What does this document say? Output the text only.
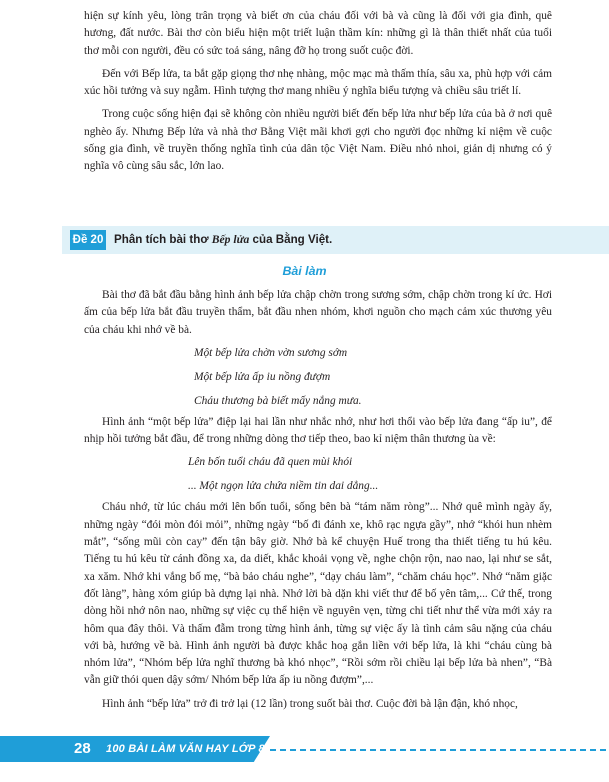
hiện sự kính yêu, lòng trân trọng và biết ơn của cháu đối với bà và cũng là đối với gia đình, quê hương, đất nước. Bài thơ còn biểu hiện một triết luận thầm kín: những gì là thân thiết nhất của tuổi thơ mỗi con người, đều có sức toả sáng, nâng đỡ họ trong suốt cuộc đời.

Đến với Bếp lửa, ta bắt gặp giọng thơ nhẹ nhàng, mộc mạc mà thấm thía, sâu xa, phù hợp với cảm xúc hồi tưởng và suy ngẫm. Hình tượng thơ mang nhiều ý nghĩa biểu tượng và chiều sâu triết lí.

Trong cuộc sống hiện đại sẽ không còn nhiều người biết đến bếp lửa như bếp lửa của bà ở nơi quê nghèo ấy. Nhưng Bếp lửa và nhà thơ Bằng Việt mãi khơi gợi cho người đọc những kỉ niệm về cuộc sống gia đình, về truyền thống nghĩa tình của dân tộc Việt Nam. Điều nhỏ nhoi, giản dị nhưng có ý nghĩa vô cùng sâu sắc, lớn lao.

Đề 20 Phân tích bài thơ Bếp lửa của Bằng Việt.
Bài làm

Bài thơ đã bắt đầu bằng hình ảnh bếp lửa chập chờn trong sương sớm, chập chờn trong kí ức. Hơi ấm của bếp lửa bắt đầu truyền thẩm, bắt đầu nhen nhóm, khơi nguồn cho mạch cảm xúc thương yêu của cháu khi nhớ về bà.

Một bếp lửa chờn vờn sương sớm

Một bếp lửa ấp iu nồng đượm

Cháu thương bà biết mấy nắng mưa.

Hình ảnh “một bếp lửa” điệp lại hai lần như nhắc nhớ, như hơi thổi vào bếp lửa đang “ấp iu”, để nhịp hồi tưởng bắt đầu, để trong những dòng thơ tiếp theo, bao kỉ niệm thân thương ùa về:

Lên bốn tuổi cháu đã quen mùi khói

... Một ngọn lửa chứa niềm tin dai dẳng...

Cháu nhớ, từ lúc cháu mới lên bốn tuổi, sống bên bà “tám năm ròng”... Nhớ quê mình ngày ấy, những ngày “đói mòn đói mỏi”, những ngày “bố đi đánh xe, khô rạc ngựa gầy”, nhớ “khói hun nhèm mắt”, “sống mũi còn cay” đến tận bây giờ. Nhớ bà kể chuyện Huế trong tha thiết tiếng tu hú kêu. Tiếng tu hú kêu từ cánh đồng xa, da diết, khắc khoải vọng về, nghe chộn rộn, nao nao, lại như se sắt, xa xăm. Nhớ khi vắng bố mẹ, “bà bảo cháu nghe”, “dạy cháu làm”, “chăm cháu học”. Nhớ “năm giặc đốt làng”, hàng xóm giúp bà dựng lại nhà. Nhớ lời bà dặn khi viết thư để bố yên tâm,... Cứ thế, trong dòng hồi nhớ nôn nao, những sự việc cụ thể hiện về nguyên vẹn, từng chi tiết như thể vừa mới xảy ra hôm qua đây thôi. Và thấm đẫm trong từng hình ảnh, từng sự việc ấy là tình cảm sâu nặng của cháu với bà, hướng về bà. Hình ảnh người bà được khắc hoạ gắn liền với bếp lửa, là khi “cháu cùng bà nhóm lửa”, “Nhóm bếp lửa nghĩ thương bà khó nhọc”, “Rồi sớm rồi chiều lại bếp lửa bà nhen”, “Bà vẫn giữ thói quen dậy sớm/ Nhóm bếp lửa ấp iu nồng đượm”,...

Hình ảnh “bếp lửa” trở đi trở lại (12 lần) trong suốt bài thơ. Cuộc đời bà lận đận, khó nhọc,

28 100 BÀI LÀM VĂN HAY LỚP 8
